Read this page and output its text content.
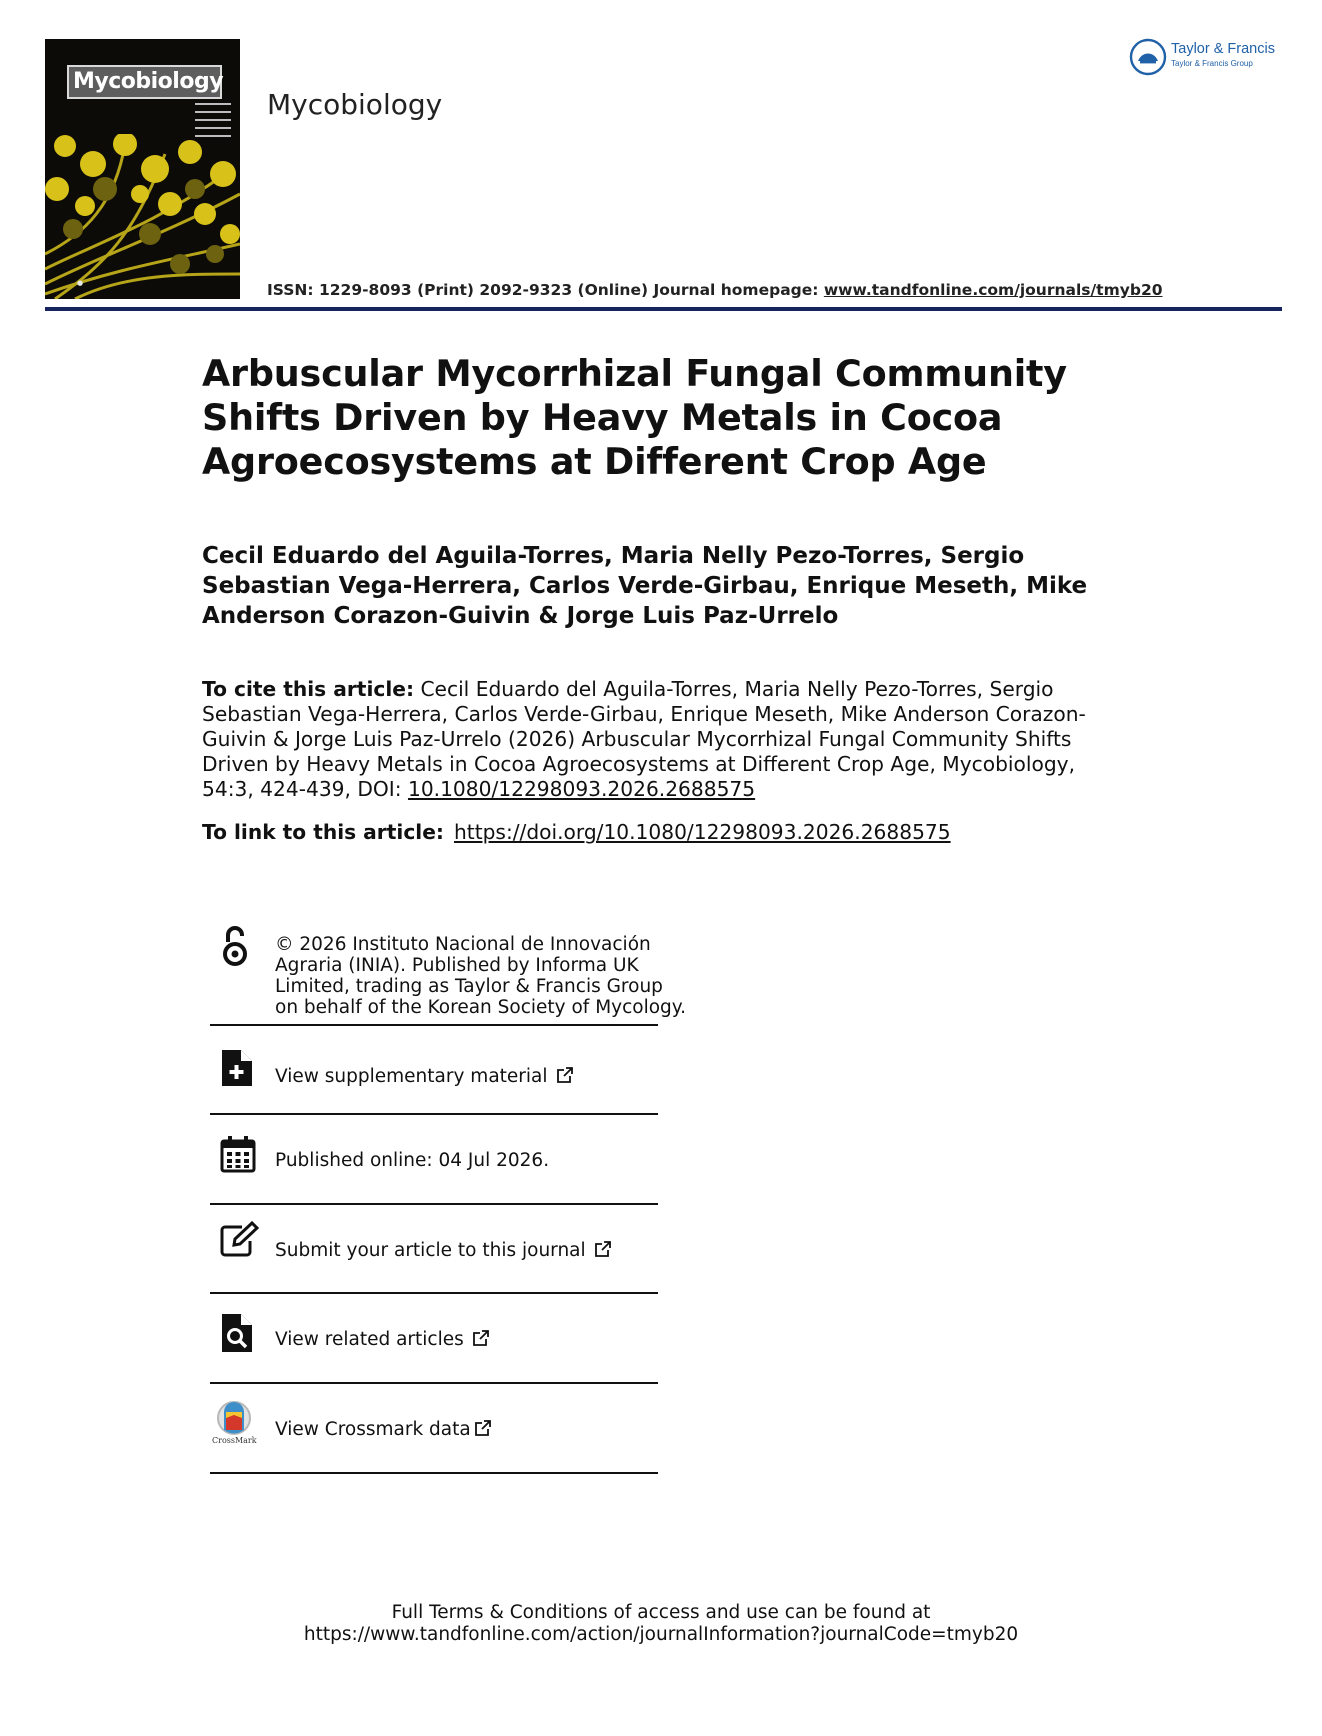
Mycobiology
●
Mycobiology
ISSN: 1229-8093 (Print) 2092-9323 (Online) Journal homepage: www.tandfonline.com/journals/tmyb20
Taylor & Francis
Taylor & Francis Group
Arbuscular Mycorrhizal Fungal Community Shifts Driven by Heavy Metals in Cocoa Agroecosystems at Different Crop Age
Cecil Eduardo del Aguila-Torres, Maria Nelly Pezo-Torres, Sergio Sebastian Vega-Herrera, Carlos Verde-Girbau, Enrique Meseth, Mike Anderson Corazon-Guivin & Jorge Luis Paz-Urrelo
To cite this article: Cecil Eduardo del Aguila-Torres, Maria Nelly Pezo-Torres, Sergio Sebastian Vega-Herrera, Carlos Verde-Girbau, Enrique Meseth, Mike Anderson Corazon-Guivin & Jorge Luis Paz-Urrelo (2026) Arbuscular Mycorrhizal Fungal Community Shifts Driven by Heavy Metals in Cocoa Agroecosystems at Different Crop Age, Mycobiology, 54:3, 424-439, DOI: 10.1080/12298093.2026.2688575
To link to this article: https://doi.org/10.1080/12298093.2026.2688575
© 2026 Instituto Nacional de Innovación
Agraria (INIA). Published by Informa UK
Limited, trading as Taylor & Francis Group
on behalf of the Korean Society of Mycology.
View supplementary material
Published online: 04 Jul 2026.
Submit your article to this journal
View related articles
CrossMark
View Crossmark data
Full Terms & Conditions of access and use can be found at
https://www.tandfonline.com/action/journalInformation?journalCode=tmyb20
